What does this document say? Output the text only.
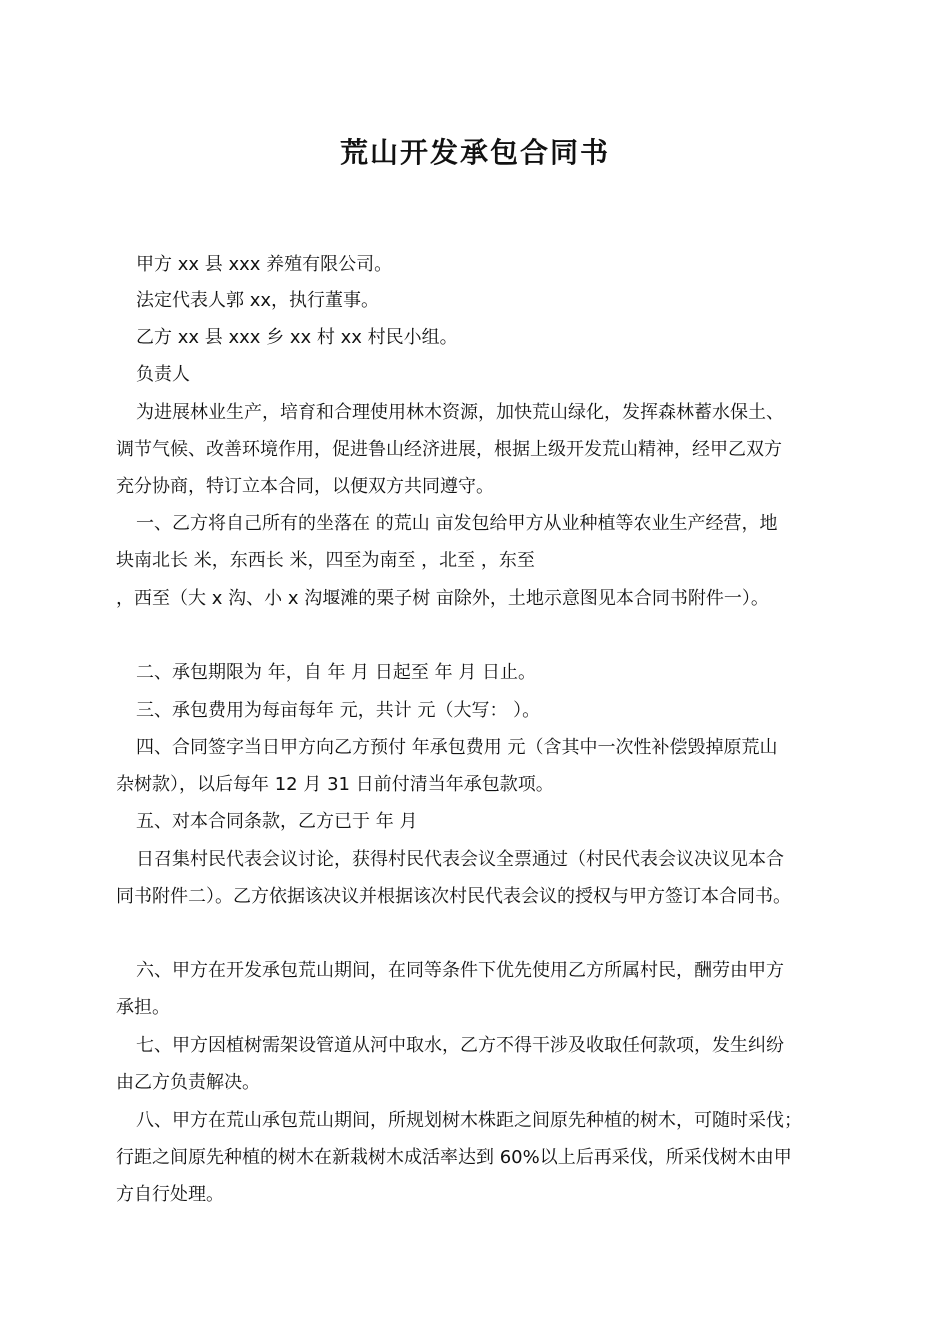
荒山开发承包合同书
甲方 xx 县 xxx 养殖有限公司。
法定代表人郭 xx，执行董事。
乙方 xx 县 xxx 乡 xx 村 xx 村民小组。
负责人
为进展林业生产，培育和合理使用林木资源，加快荒山绿化，发挥森林蓄水保土、
调节气候、改善环境作用，促进鲁山经济进展，根据上级开发荒山精神，经甲乙双方
充分协商，特订立本合同，以便双方共同遵守。
一、乙方将自己所有的坐落在 的荒山 亩发包给甲方从业种植等农业生产经营，地
块南北长 米，东西长 米，四至为南至 ，北至 ，东至
，西至（大 x 沟、小 x 沟堰滩的栗子树 亩除外，土地示意图见本合同书附件一）。
二、承包期限为 年，自 年 月 日起至 年 月 日止。
三、承包费用为每亩每年 元，共计 元（大写： ）。
四、合同签字当日甲方向乙方预付 年承包费用 元（含其中一次性补偿毁掉原荒山
杂树款），以后每年 12 月 31 日前付清当年承包款项。
五、对本合同条款，乙方已于 年 月
日召集村民代表会议讨论，获得村民代表会议全票通过（村民代表会议决议见本合
同书附件二）。乙方依据该决议并根据该次村民代表会议的授权与甲方签订本合同书。
六、甲方在开发承包荒山期间，在同等条件下优先使用乙方所属村民，酬劳由甲方
承担。
七、甲方因植树需架设管道从河中取水，乙方不得干涉及收取任何款项，发生纠纷
由乙方负责解决。
八、甲方在荒山承包荒山期间，所规划树木株距之间原先种植的树木，可随时采伐；
行距之间原先种植的树木在新栽树木成活率达到 60%以上后再采伐，所采伐树木由甲
方自行处理。
